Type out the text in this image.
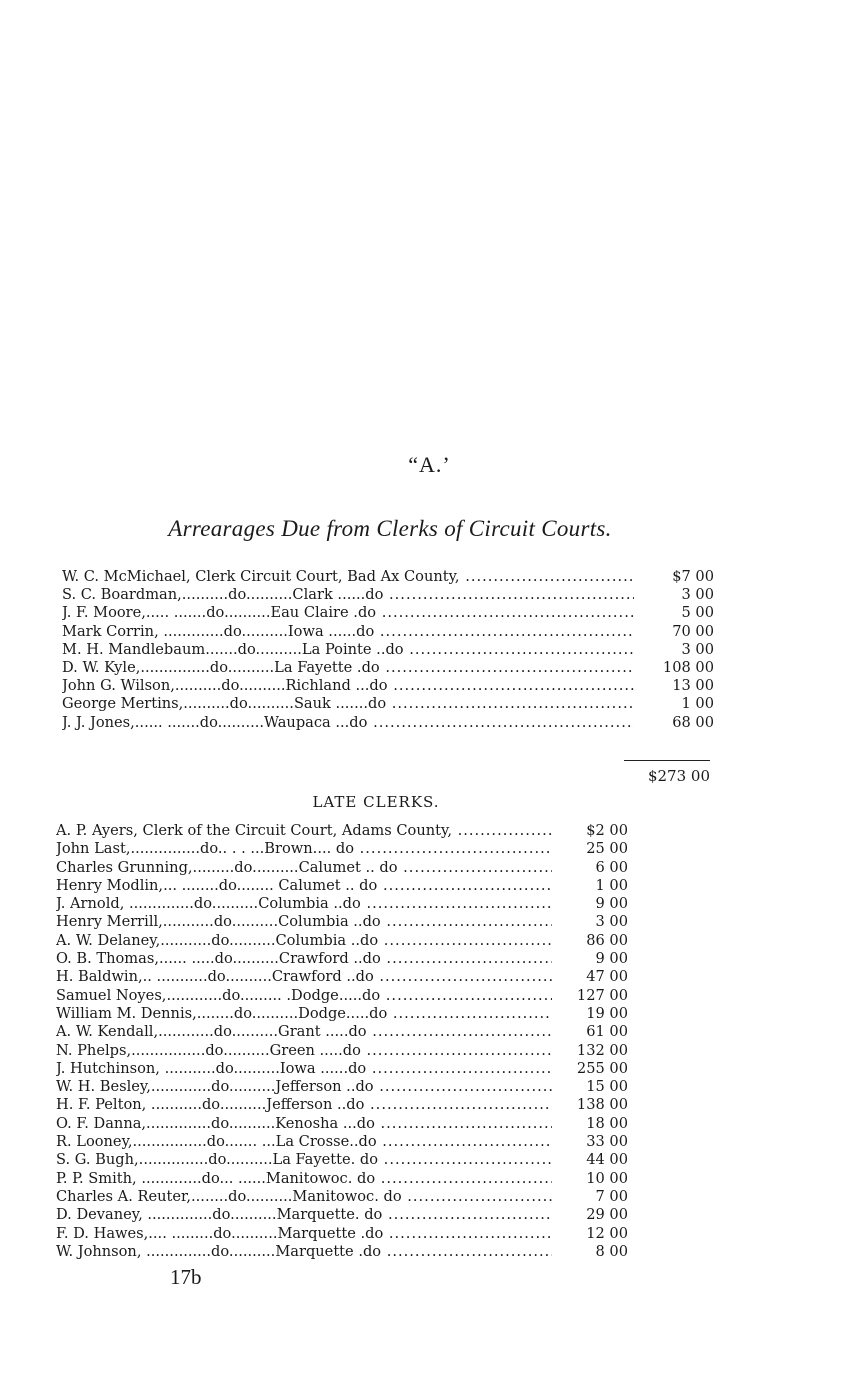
“A.’
Arrearages Due from Clerks of Circuit Courts.
W. C. McMichael, Clerk Circuit Court, Bad Ax County, .....	$7 00
S. C. Boardman,..........do..........Clark ......do .....	3 00
J. F. Moore,..... .......do..........Eau Claire .do .....	5 00
Mark Corrin, .............do..........Iowa ......do .....	70 00
M. H. Mandlebaum.......do..........La Pointe ..do .....	3 00
D. W. Kyle,...............do..........La Fayette .do .....	108 00
John G. Wilson,..........do..........Richland ...do .....	13 00
George Mertins,..........do..........Sauk .......do .....	1 00
J. J. Jones,...... .......do..........Waupaca ...do .....	68 00
$273 00
LATE CLERKS.
A. P. Ayers, Clerk of the Circuit Court, Adams County, .....	$2 00
John Last,...............do.. . . ...Brown.... do .....	25 00
Charles Grunning,.........do..........Calumet .. do .....	6 00
Henry Modlin,... ........do........ Calumet .. do .....	1 00
J. Arnold, ..............do..........Columbia ..do .....	9 00
Henry Merrill,...........do..........Columbia ..do .....	3 00
A. W. Delaney,...........do..........Columbia ..do .....	86 00
O. B. Thomas,...... .....do..........Crawford ..do .....	9 00
H. Baldwin,.. ...........do..........Crawford ..do .....	47 00
Samuel Noyes,............do......... .Dodge.....do .....	127 00
William M. Dennis,........do..........Dodge.....do .....	19 00
A. W. Kendall,............do..........Grant .....do .....	61 00
N. Phelps,................do..........Green .....do .....	132 00
J. Hutchinson, ...........do..........Iowa ......do .....	255 00
W. H. Besley,.............do..........Jefferson ..do .....	15 00
H. F. Pelton, ...........do..........Jefferson ..do .....	138 00
O. F. Danna,..............do..........Kenosha ...do .....	18 00
R. Looney,................do....... ...La Crosse..do .....	33 00
S. G. Bugh,...............do..........La Fayette. do .....	44 00
P. P. Smith, .............do... ......Manitowoc. do .....	10 00
Charles A. Reuter,........do..........Manitowoc. do .....	7 00
D. Devaney, ..............do..........Marquette. do .....	29 00
F. D. Hawes,.... .........do..........Marquette .do .....	12 00
W. Johnson, ..............do..........Marquette .do .....	8 00
17b
